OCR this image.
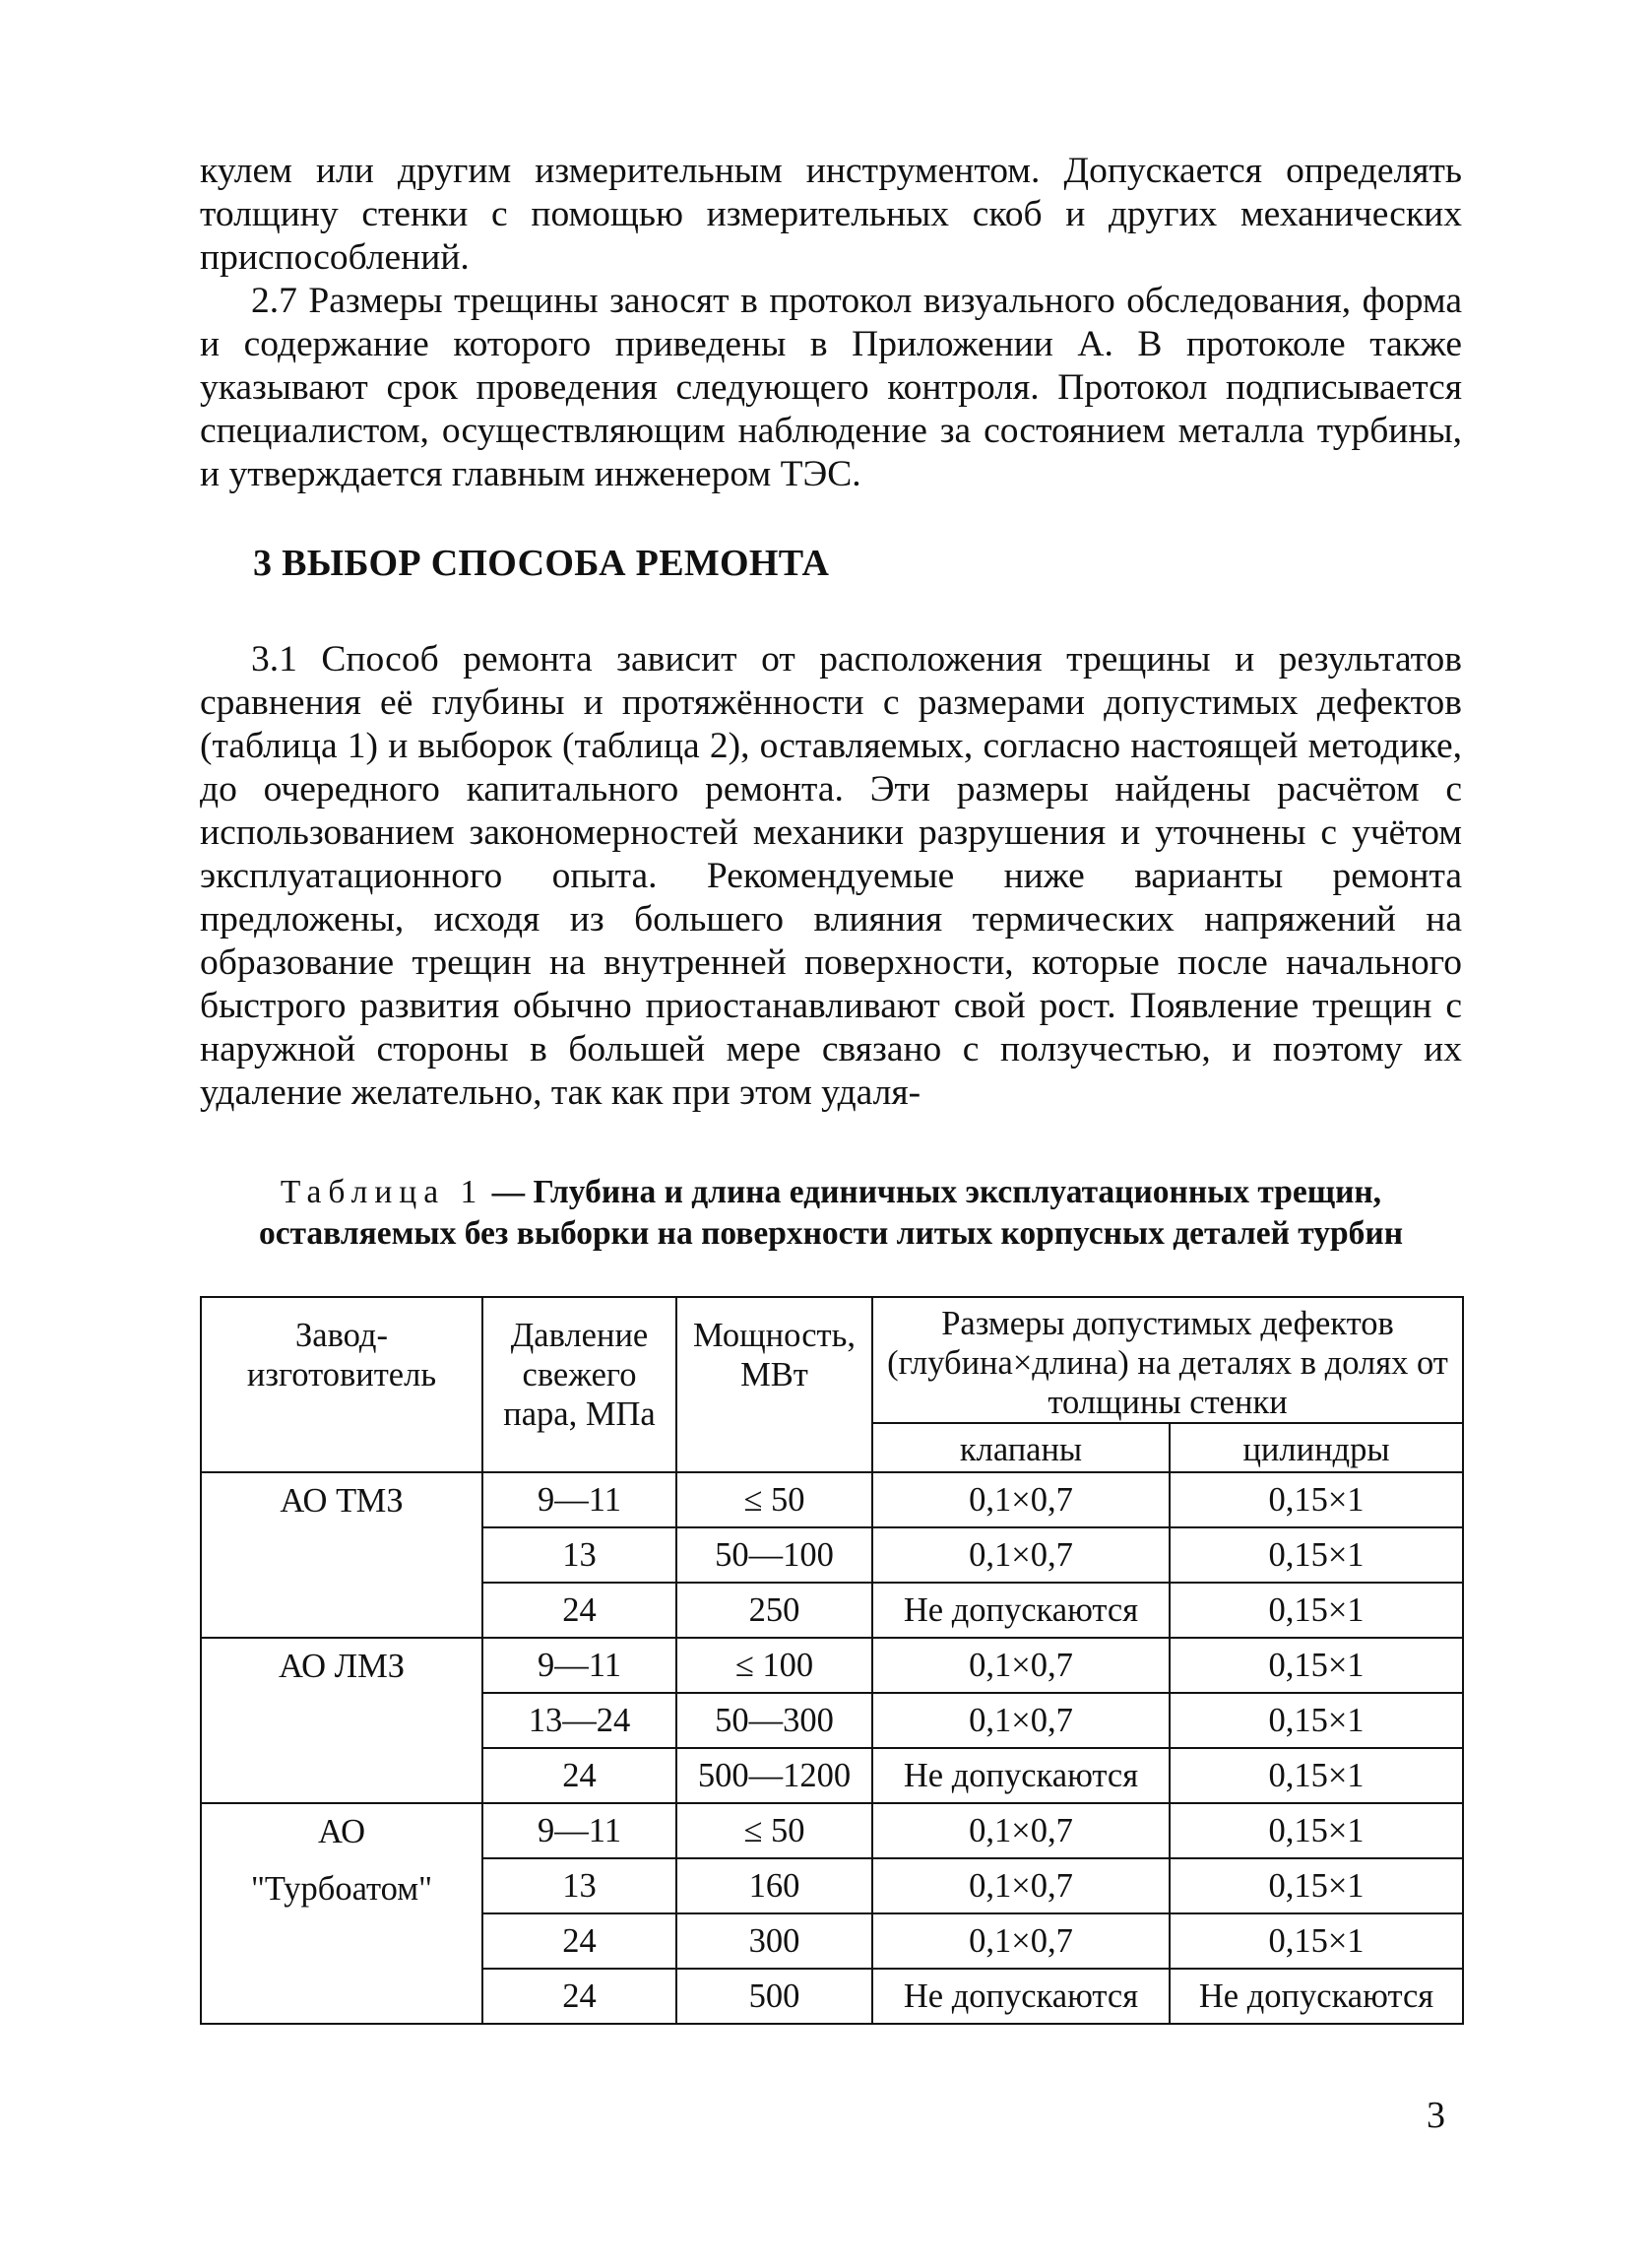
кулем или другим измерительным инструментом. Допускается определять толщину стенки с помощью измерительных скоб и других механических приспособлений.

2.7 Размеры трещины заносят в протокол визуального обследования, форма и содержание которого приведены в Приложении А. В протоколе также указывают срок проведения следующего контроля. Протокол подписывается специалистом, осуществляющим наблюдение за состоянием металла турбины, и утверждается главным инженером ТЭС.

3 ВЫБОР СПОСОБА РЕМОНТА

3.1 Способ ремонта зависит от расположения трещины и результатов сравнения её глубины и протяжённости с размерами допустимых дефектов (таблица 1) и выборок (таблица 2), оставляемых, согласно настоящей методике, до очередного капитального ремонта. Эти размеры найдены расчётом с использованием закономерностей механики разрушения и уточнены с учётом эксплуатационного опыта. Рекомендуемые ниже варианты ремонта предложены, исходя из большего влияния термических напряжений на образование трещин на внутренней поверхности, которые после начального быстрого развития обычно приостанавливают свой рост. Появление трещин с наружной стороны в большей мере связано с ползучестью, и поэтому их удаление желательно, так как при этом удаля-

Таблица 1 — Глубина и длина единичных эксплуатационных трещин, оставляемых без выборки на поверхности литых корпусных деталей турбин
Завод-изготовитель	Давление свежего пара, МПа	Мощность, МВт	Размеры допустимых дефектов (глубина×длина) на деталях в долях от толщины стенки	
			клапаны	цилиндры
АО ТМЗ	9—11	≤ 50	0,1×0,7	0,15×1
	13	50—100	0,1×0,7	0,15×1
	24	250	Не допускаются	0,15×1
АО ЛМЗ	9—11	≤ 100	0,1×0,7	0,15×1
	13—24	50—300	0,1×0,7	0,15×1
	24	500—1200	Не допускаются	0,15×1

АО
"Турбоатом"	9—11	≤ 50	0,1×0,7	0,15×1
	13	160	0,1×0,7	0,15×1
	24	300	0,1×0,7	0,15×1
	24	500	Не допускаются	Не допускаются
3
